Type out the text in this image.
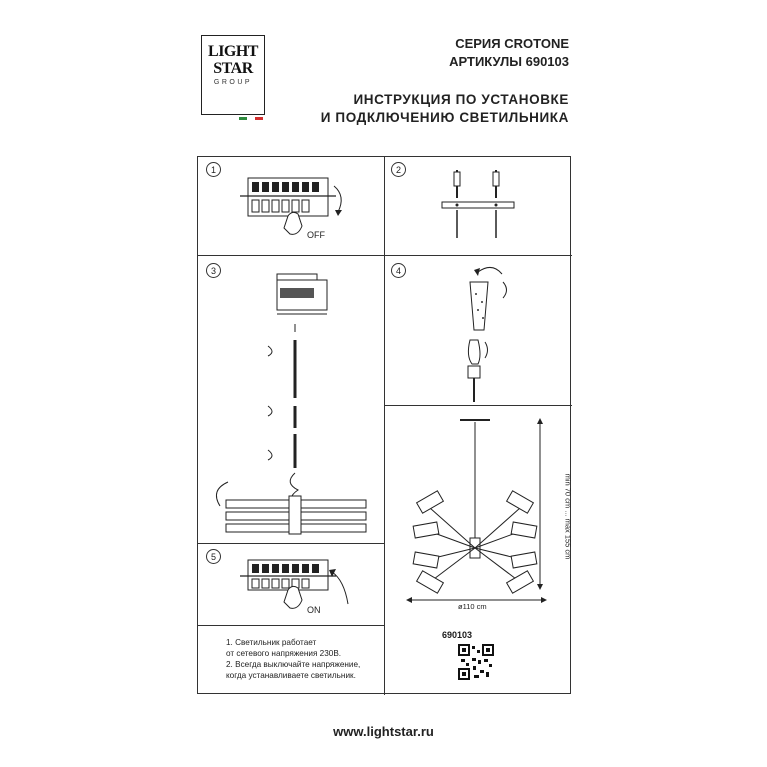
LIGHT
STAR
GROUP
СЕРИЯ CROTONE
АРТИКУЛЫ 690103
ИНСТРУКЦИЯ ПО УСТАНОВКЕ
И ПОДКЛЮЧЕНИЮ СВЕТИЛЬНИКА
1	2
3	4
5
OFF
min 70 cm ... max 155 cm
ø110 cm
ON
1. Светильник работает
от сетевого напряжения 230В.
2. Всегда выключайте напряжение,
когда устанавливаете светильник.
690103
www.lightstar.ru
